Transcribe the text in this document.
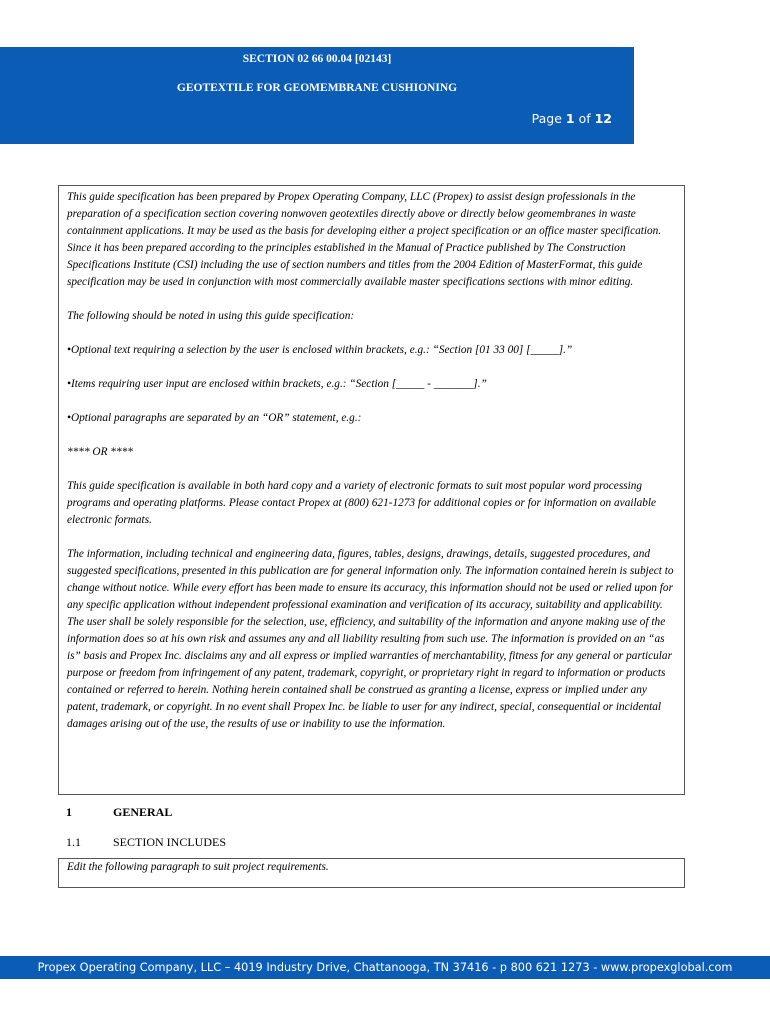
SECTION 02 66 00.04 [02143]
GEOTEXTILE FOR GEOMEMBRANE CUSHIONING
Page 1 of 12

This guide specification has been prepared by Propex Operating Company, LLC (Propex) to assist design professionals in the preparation of a specification section covering nonwoven geotextiles directly above or directly below geomembranes in waste containment applications. It may be used as the basis for developing either a project specification or an office master specification. Since it has been prepared according to the principles established in the Manual of Practice published by The Construction Specifications Institute (CSI) including the use of section numbers and titles from the 2004 Edition of MasterFormat, this guide specification may be used in conjunction with most commercially available master specifications sections with minor editing.

The following should be noted in using this guide specification:

•Optional text requiring a selection by the user is enclosed within brackets, e.g.: “Section [01 33 00] [_____].”

•Items requiring user input are enclosed within brackets, e.g.: “Section [_____ - _______].”

•Optional paragraphs are separated by an “OR” statement, e.g.:

**** OR ****

This guide specification is available in both hard copy and a variety of electronic formats to suit most popular word processing programs and operating platforms. Please contact Propex at (800) 621-1273 for additional copies or for information on available electronic formats.

The information, including technical and engineering data, figures, tables, designs, drawings, details, suggested procedures, and suggested specifications, presented in this publication are for general information only. The information contained herein is subject to change without notice. While every effort has been made to ensure its accuracy, this information should not be used or relied upon for any specific application without independent professional examination and verification of its accuracy, suitability and applicability. The user shall be solely responsible for the selection, use, efficiency, and suitability of the information and anyone making use of the information does so at his own risk and assumes any and all liability resulting from such use. The information is provided on an “as is” basis and Propex Inc. disclaims any and all express or implied warranties of merchantability, fitness for any general or particular purpose or freedom from infringement of any patent, trademark, copyright, or proprietary right in regard to information or products contained or referred to herein. Nothing herein contained shall be construed as granting a license, express or implied under any patent, trademark, or copyright. In no event shall Propex Inc. be liable to user for any indirect, special, consequential or incidental damages arising out of the use, the results of use or inability to use the information.

1	GENERAL
1.1	SECTION INCLUDES
Edit the following paragraph to suit project requirements.
Propex Operating Company, LLC – 4019 Industry Drive, Chattanooga, TN 37416 - p 800 621 1273 - www.propexglobal.com
